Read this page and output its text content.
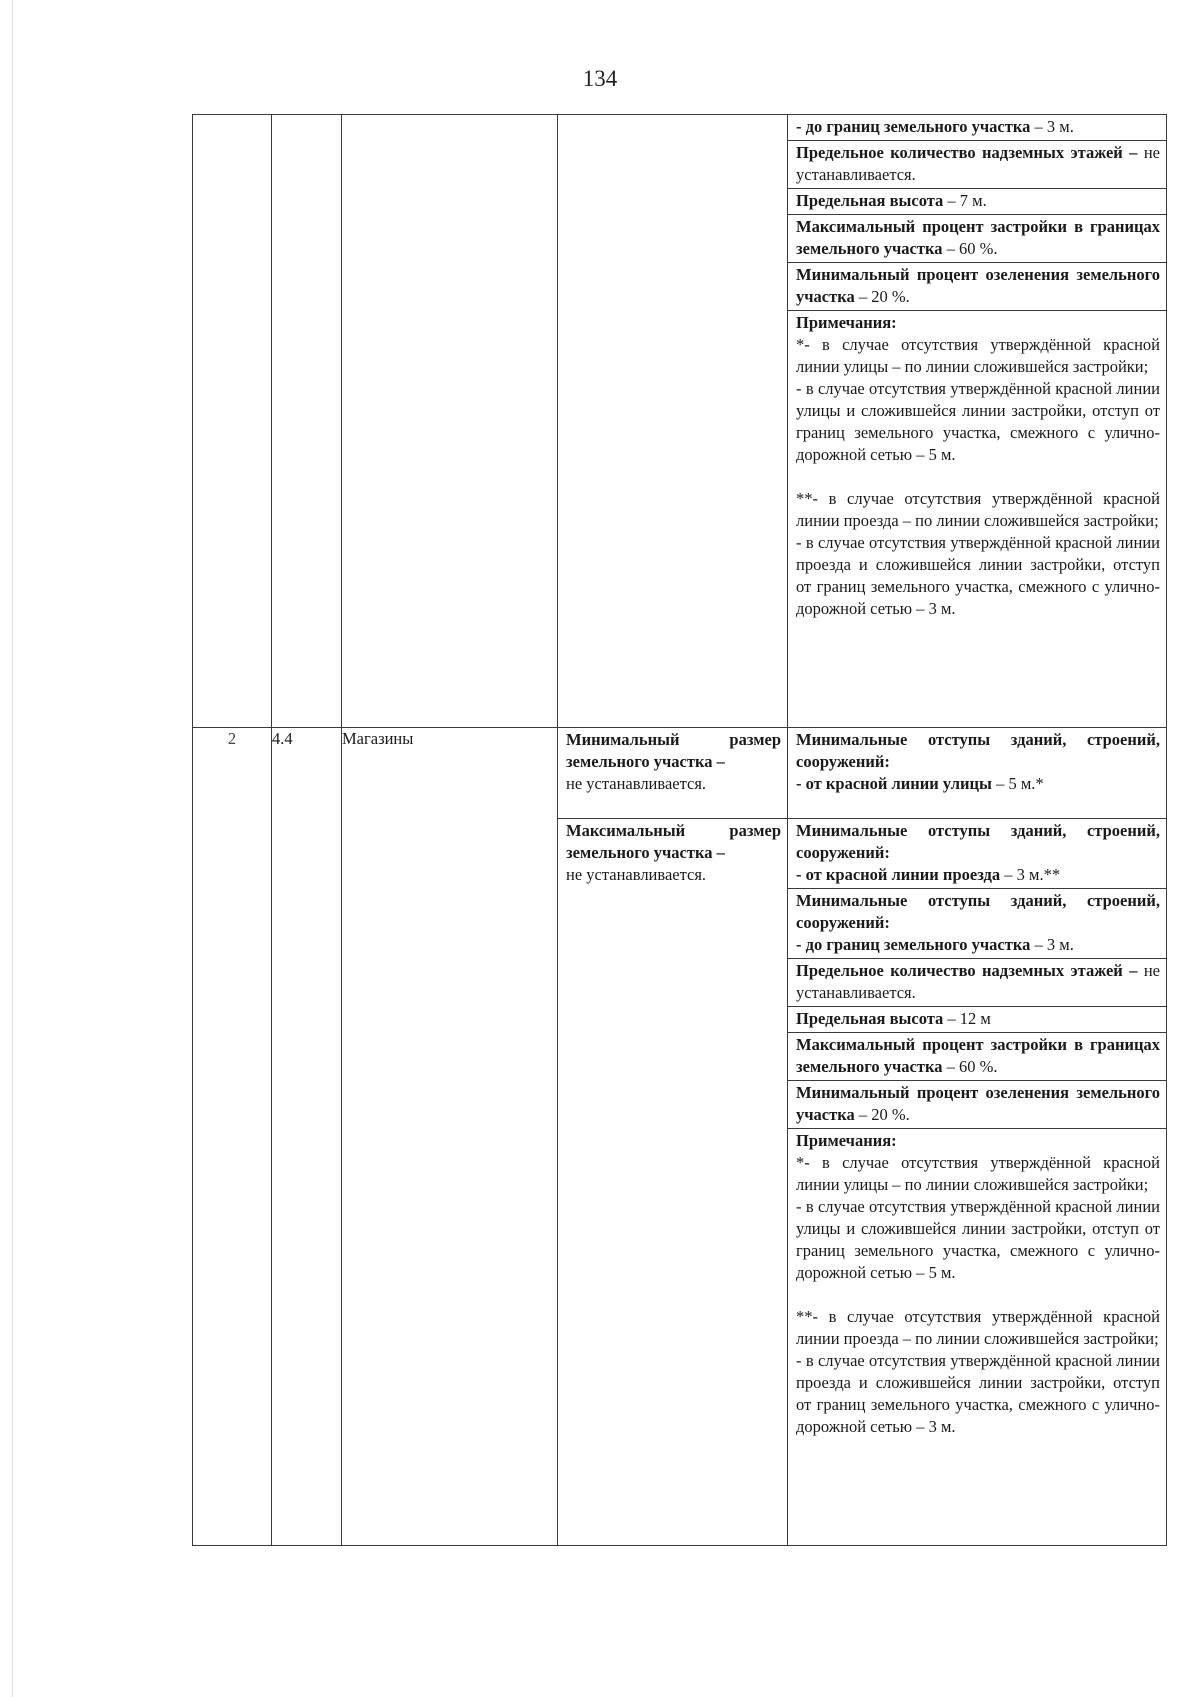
134

				- до границ земельного участка – 3 м.

				Предельное количество надземных этажей – не устанавливается.

				Предельная высота – 7 м.

				Максимальный процент застройки в границах земельного участка – 60 %.

				Минимальный процент озеленения земельного участка – 20 %.

				Примечания:
*- в случае отсутствия утверждённой красной линии улицы – по линии сложившейся застройки;
- в случае отсутствия утверждённой красной линии улицы и сложившейся линии застройки, отступ от границ земельного участка, смежного с улично-дорожной сетью – 5 м.
**- в случае отсутствия утверждённой красной линии проезда – по линии сложившейся застройки;
- в случае отсутствия утверждённой красной линии проезда и сложившейся линии застройки, отступ от границ земельного участка, смежного с улично-дорожной сетью – 3 м.

2	4.4	Магазины	Минимальный размер земельного участка –
не устанавливается.	Минимальные отступы зданий, строений, сооружений:
- от красной линии улицы – 5 м.*

			Максимальный размер земельного участка –
не устанавливается.	Минимальные отступы зданий, строений, сооружений:
- от красной линии проезда – 3 м.**

				Минимальные отступы зданий, строений, сооружений:
- до границ земельного участка – 3 м.

				Предельное количество надземных этажей – не устанавливается.

				Предельная высота – 12 м

				Максимальный процент застройки в границах земельного участка – 60 %.

				Минимальный процент озеленения земельного участка – 20 %.

				Примечания:
*- в случае отсутствия утверждённой красной линии улицы – по линии сложившейся застройки;
- в случае отсутствия утверждённой красной линии улицы и сложившейся линии застройки, отступ от границ земельного участка, смежного с улично-дорожной сетью – 5 м.
**- в случае отсутствия утверждённой красной линии проезда – по линии сложившейся застройки;
- в случае отсутствия утверждённой красной линии проезда и сложившейся линии застройки, отступ от границ земельного участка, смежного с улично-дорожной сетью – 3 м.
